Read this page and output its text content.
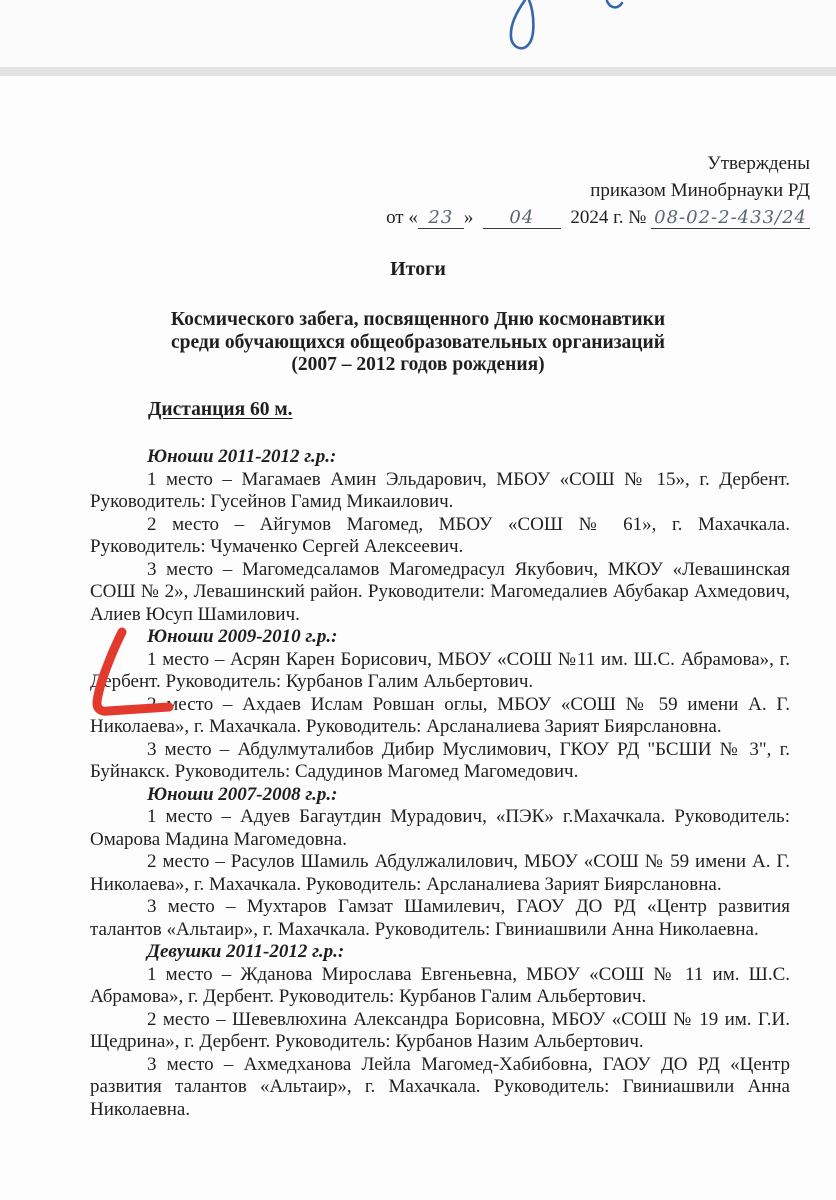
Утверждены
приказом Минобрнауки РД
от « 23 » 04 2024 г. № 08-02-2-433/24
Итоги
Космического забега, посвященного Дню космонавтики
среди обучающихся общеобразовательных организаций
(2007 – 2012 годов рождения)
Дистанция 60 м.

Юноши 2011-2012 г.р.:

1 место – Магамаев Амин Эльдарович, МБОУ «СОШ № 15», г. Дербент. Руководитель: Гусейнов Гамид Микаилович.

2 место – Айгумов Магомед, МБОУ «СОШ № 61», г. Махачкала. Руководитель: Чумаченко Сергей Алексеевич.

3 место – Магомедсаламов Магомедрасул Якубович, МКОУ «Левашинская СОШ № 2», Левашинский район. Руководители: Магомедалиев Абубакар Ахмедович, Алиев Юсуп Шамилович.

Юноши 2009-2010 г.р.:

1 место – Асрян Карен Борисович, МБОУ «СОШ №11 им. Ш.С. Абрамова», г. Дербент. Руководитель: Курбанов Галим Альбертович.

2 место – Ахдаев Ислам Ровшан оглы, МБОУ «СОШ № 59 имени А. Г. Николаева», г. Махачкала. Руководитель: Арсланалиева Зарият Биярслановна.

3 место – Абдулмуталибов Дибир Муслимович, ГКОУ РД "БСШИ № 3", г. Буйнакск. Руководитель: Садудинов Магомед Магомедович.

Юноши 2007-2008 г.р.:

1 место – Адуев Багаутдин Мурадович, «ПЭК» г.Махачкала. Руководитель: Омарова Мадина Магомедовна.

2 место – Расулов Шамиль Абдулжалилович, МБОУ «СОШ № 59 имени А. Г. Николаева», г. Махачкала. Руководитель: Арсланалиева Зарият Биярслановна.

3 место – Мухтаров Гамзат Шамилевич, ГАОУ ДО РД «Центр развития талантов «Альтаир», г. Махачкала. Руководитель: Гвиниашвили Анна Николаевна.

Девушки 2011-2012 г.р.:

1 место – Жданова Мирослава Евгеньевна, МБОУ «СОШ № 11 им. Ш.С. Абрамова», г. Дербент. Руководитель: Курбанов Галим Альбертович.

2 место – Шевевлюхина Александра Борисовна, МБОУ «СОШ № 19 им. Г.И. Щедрина», г. Дербент. Руководитель: Курбанов Назим Альбертович.

3 место – Ахмедханова Лейла Магомед-Хабибовна, ГАОУ ДО РД «Центр развития талантов «Альтаир», г. Махачкала. Руководитель: Гвиниашвили Анна Николаевна.
